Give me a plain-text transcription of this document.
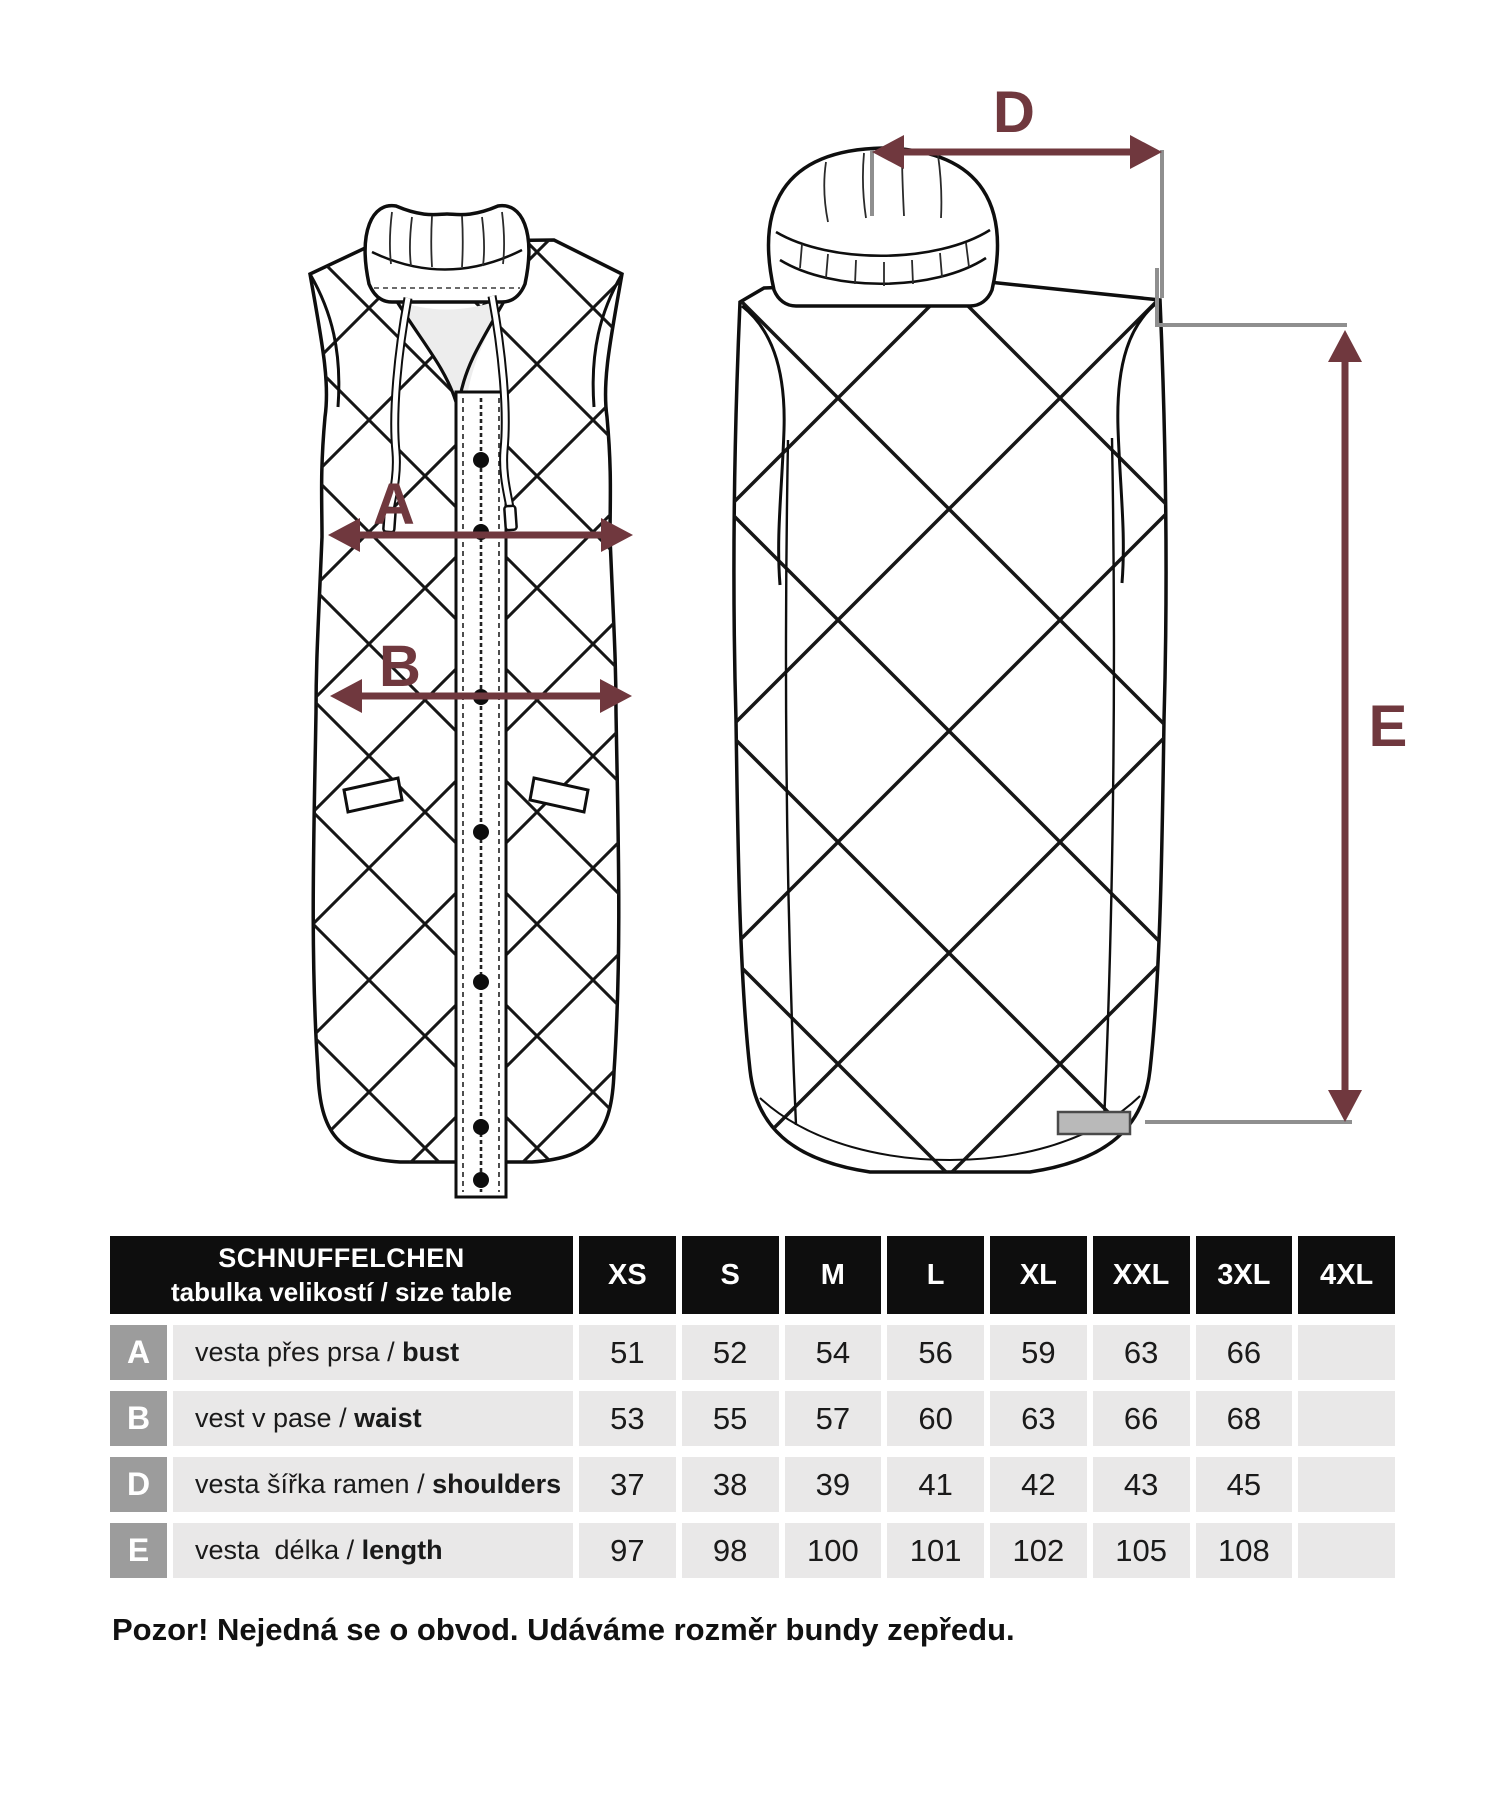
D
A
B
E
SCHNUFFELCHEN
tabulka velikostí / size table
XS	S	M	L	XL	XXL	3XL	4XL
A	vesta přes prsa / bust	51	52	54	56	59	63	66
B	vest v pase / waist	53	55	57	60	63	66	68
D	vesta šířka ramen / shoulders	37	38	39	41	42	43	45
E	vesta  délka / length	97	98	100	101	102	105	108

Pozor! Nejedná se o obvod. Udáváme rozměr bundy zepředu.
